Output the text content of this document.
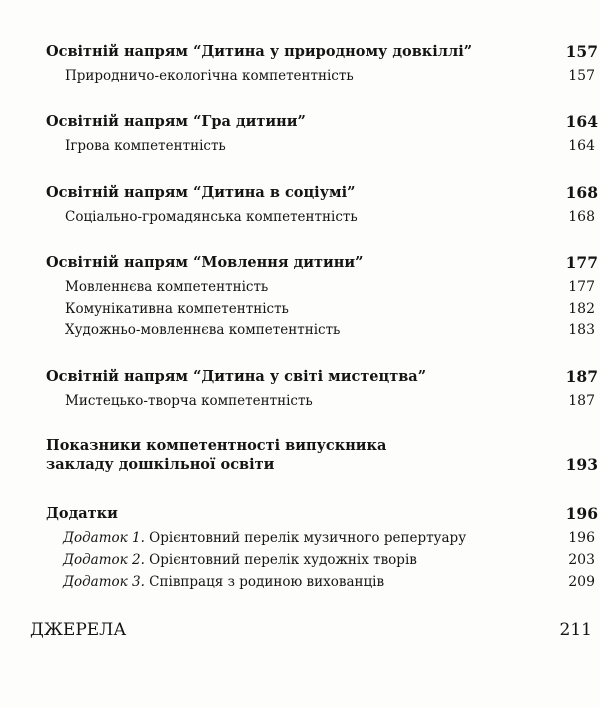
Освітній напрям “Дитина у природному довкіллі”	157
Природничо-екологічна компетентність	157
Освітній напрям “Гра дитини”	164
Ігрова компетентність	164
Освітній напрям “Дитина в соціумі”	168
Соціально-громадянська компетентність	168
Освітній напрям “Мовлення дитини”	177
Мовленнєва компетентність	177
Комунікативна компетентність	182
Художньо-мовленнєва компетентність	183
Освітній напрям “Дитина у світі мистецтва”	187
Мистецько-творча компетентність	187
Показники компетентності випускника
закладу дошкільної освіти	193
Додатки	196
Додаток 1. Орієнтовний перелік музичного репертуару	196
Додаток 2. Орієнтовний перелік художніх творів	203
Додаток 3. Співпраця з родиною вихованців	209
ДЖЕРЕЛА	211
